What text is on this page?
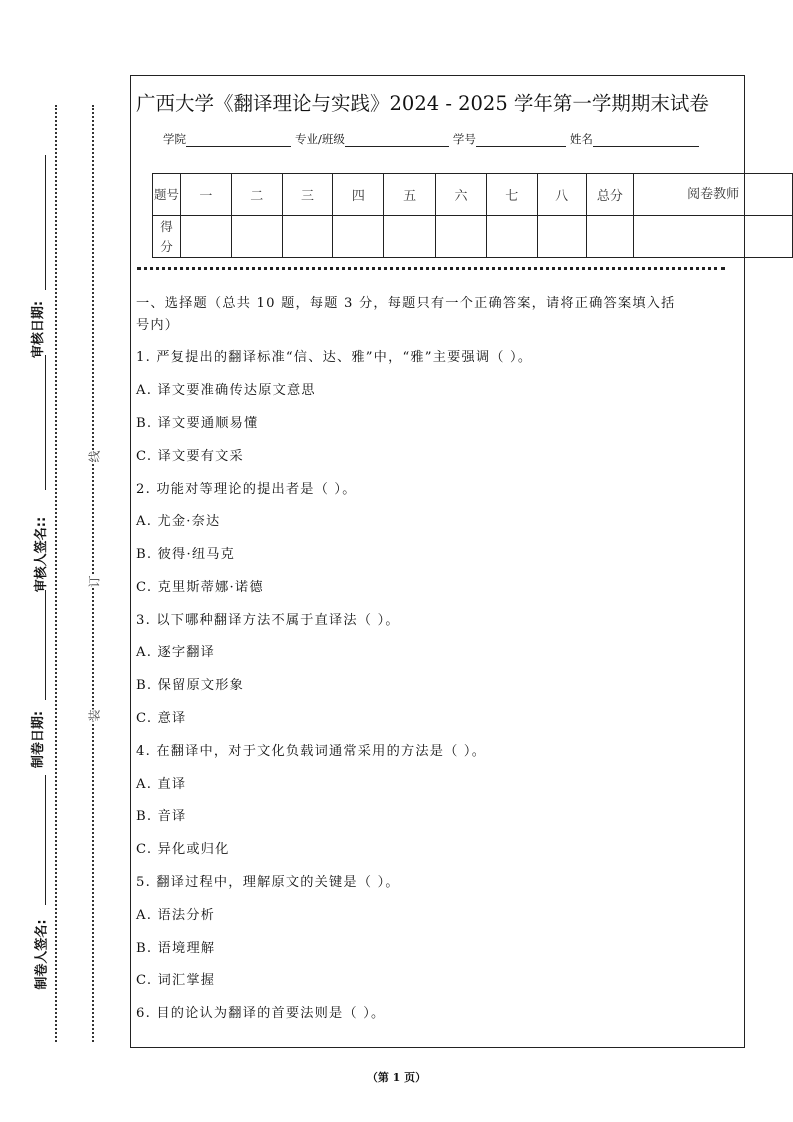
审核日期:
审核人签名::
制卷日期:
制卷人签名:
线
订
装
广西大学《翻译理论与实践》2024 - 2025 学年第一学期期末试卷
学院	专业/班级	学号	姓名
题号	一	二	三	四	五	六	七	八	总分	阅卷教师
得分										
一、选择题（总共 10 题，每题 3 分，每题只有一个正确答案，请将正确答案填入括
号内）
1. 严复提出的翻译标准“信、达、雅”中，“雅”主要强调（ ）。
A. 译文要准确传达原文意思
B. 译文要通顺易懂
C. 译文要有文采
2. 功能对等理论的提出者是（ ）。
A. 尤金·奈达
B. 彼得·纽马克
C. 克里斯蒂娜·诺德
3. 以下哪种翻译方法不属于直译法（ ）。
A. 逐字翻译
B. 保留原文形象
C. 意译
4. 在翻译中，对于文化负载词通常采用的方法是（ ）。
A. 直译
B. 音译
C. 异化或归化
5. 翻译过程中，理解原文的关键是（ ）。
A. 语法分析
B. 语境理解
C. 词汇掌握
6. 目的论认为翻译的首要法则是（ ）。
（第 1 页）
